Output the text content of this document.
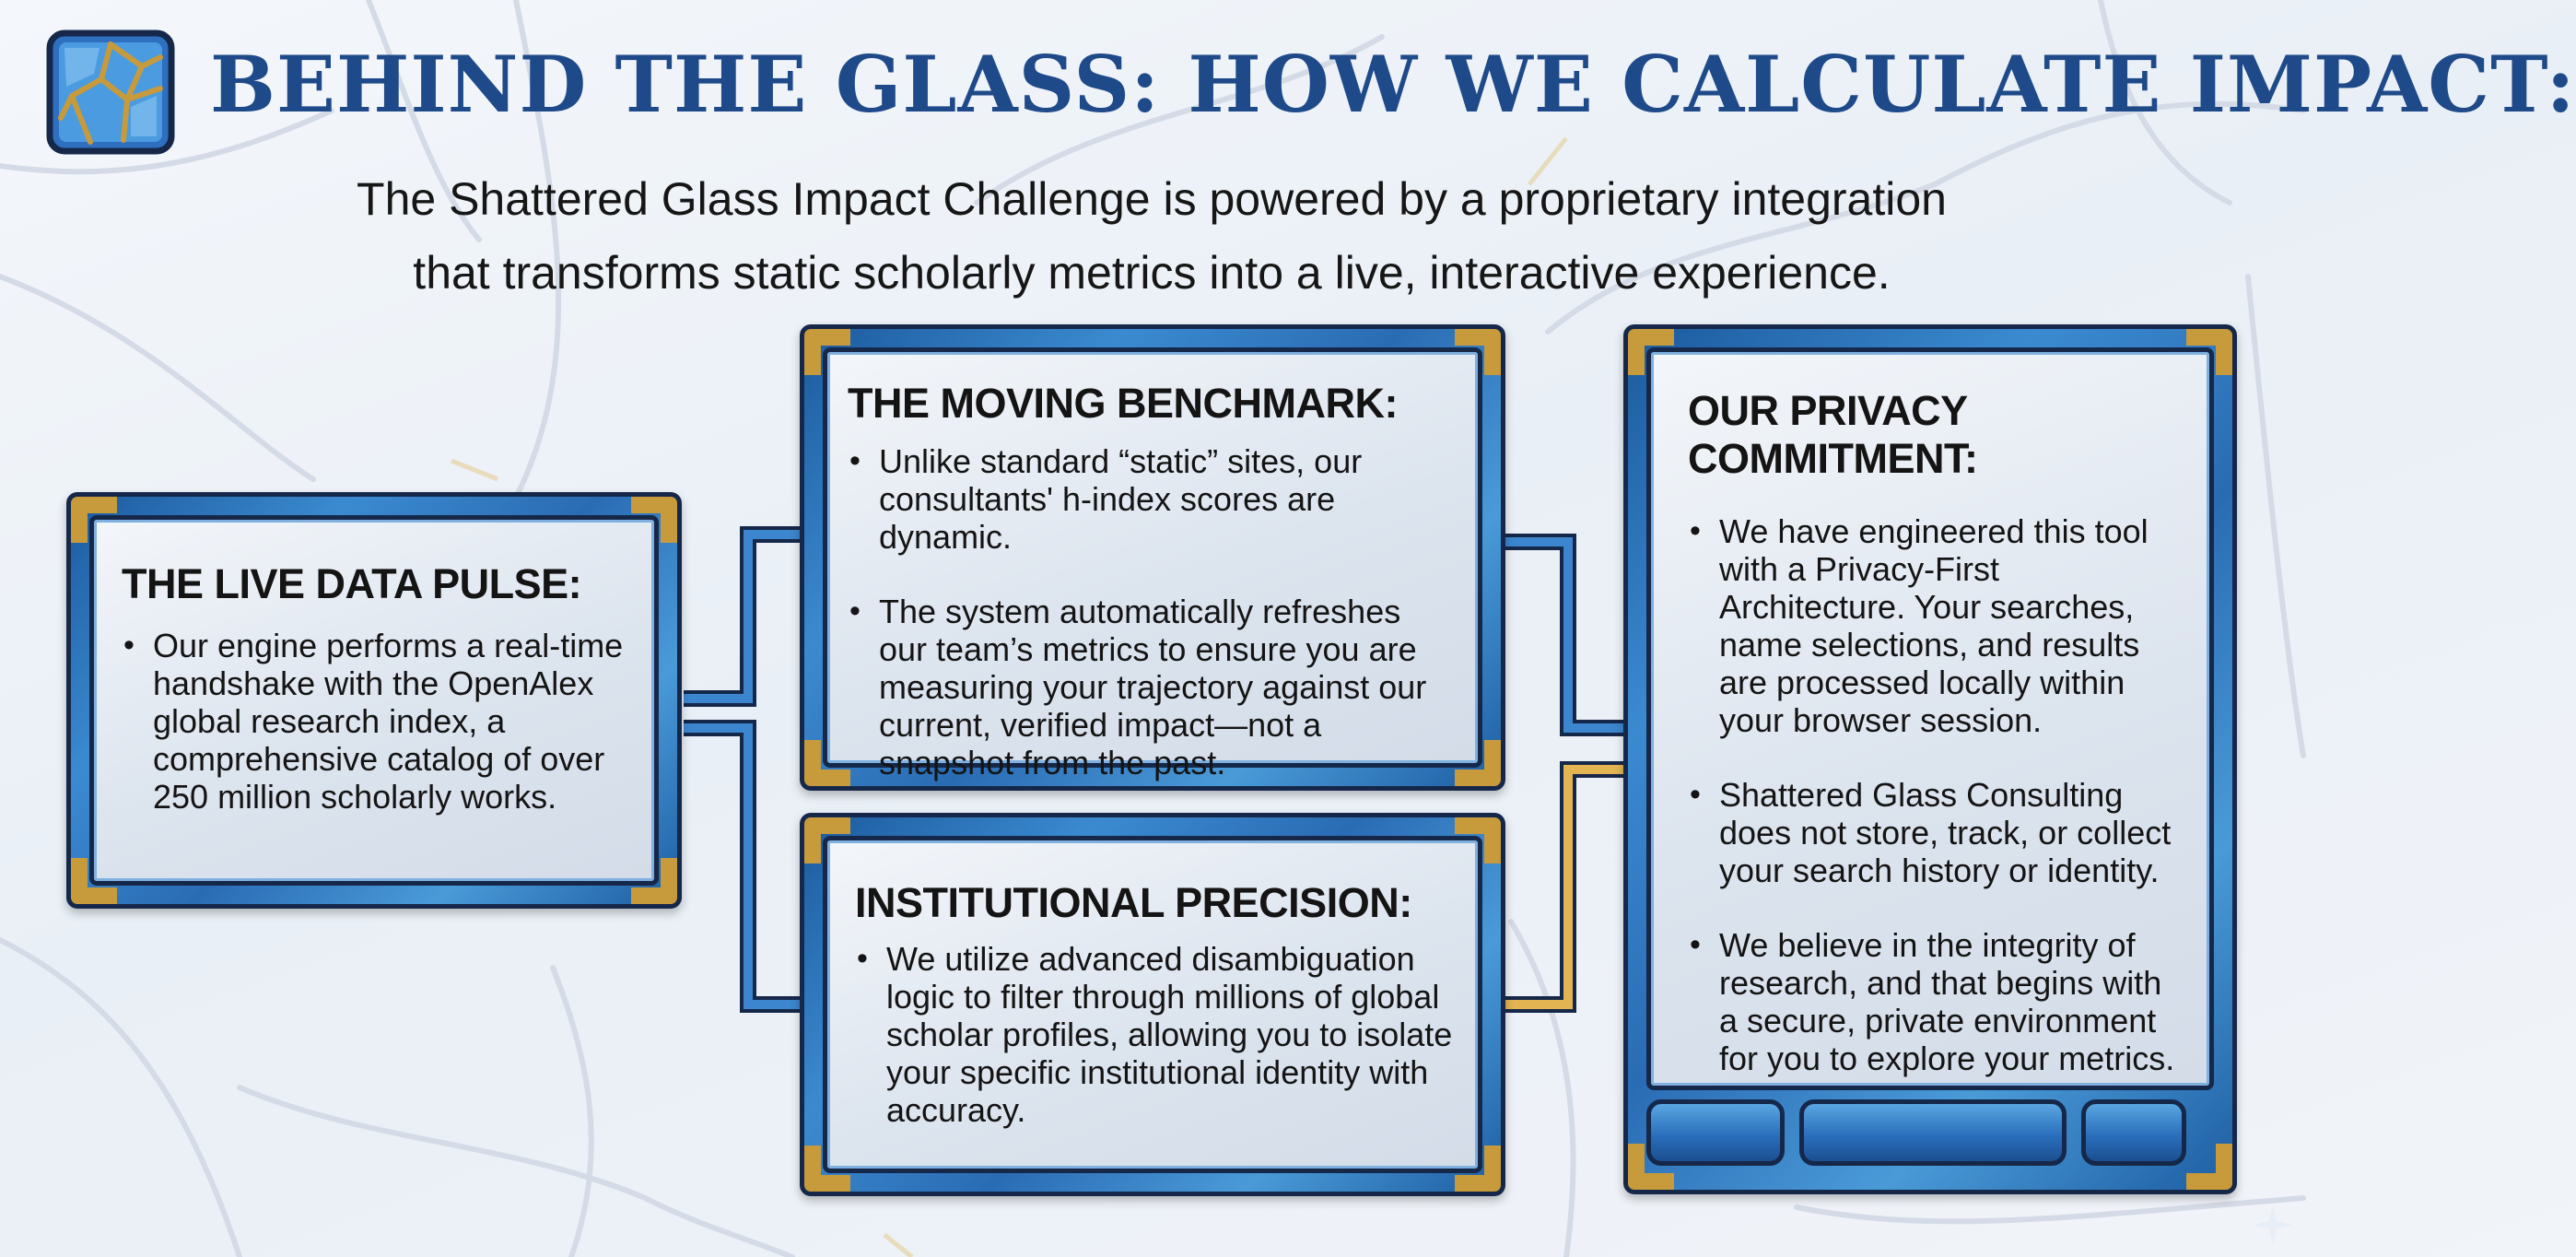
BEHIND THE GLASS: HOW WE CALCULATE IMPACT:
The Shattered Glass Impact Challenge is powered by a proprietary integration
that transforms static scholarly metrics into a live, interactive experience.
THE LIVE DATA PULSE:
• Our engine performs a real-time handshake with the OpenAlex global research index, a comprehensive catalog of over 250 million scholarly works.
THE MOVING BENCHMARK:
• Unlike standard “static” sites, our consultants' h-index scores are dynamic.
• The system automatically refreshes our team’s metrics to ensure you are measuring your trajectory against our current, verified impact—not a snapshot from the past.
INSTITUTIONAL PRECISION:
• We utilize advanced disambiguation logic to filter through millions of global scholar profiles, allowing you to isolate your specific institutional identity with accuracy.
OUR PRIVACY
COMMITMENT:
• We have engineered this tool with a Privacy-First Architecture. Your searches, name selections, and results are processed locally within your browser session.
• Shattered Glass Consulting does not store, track, or collect your search history or identity.
• We believe in the integrity of research, and that begins with a secure, private environment for you to explore your metrics.
